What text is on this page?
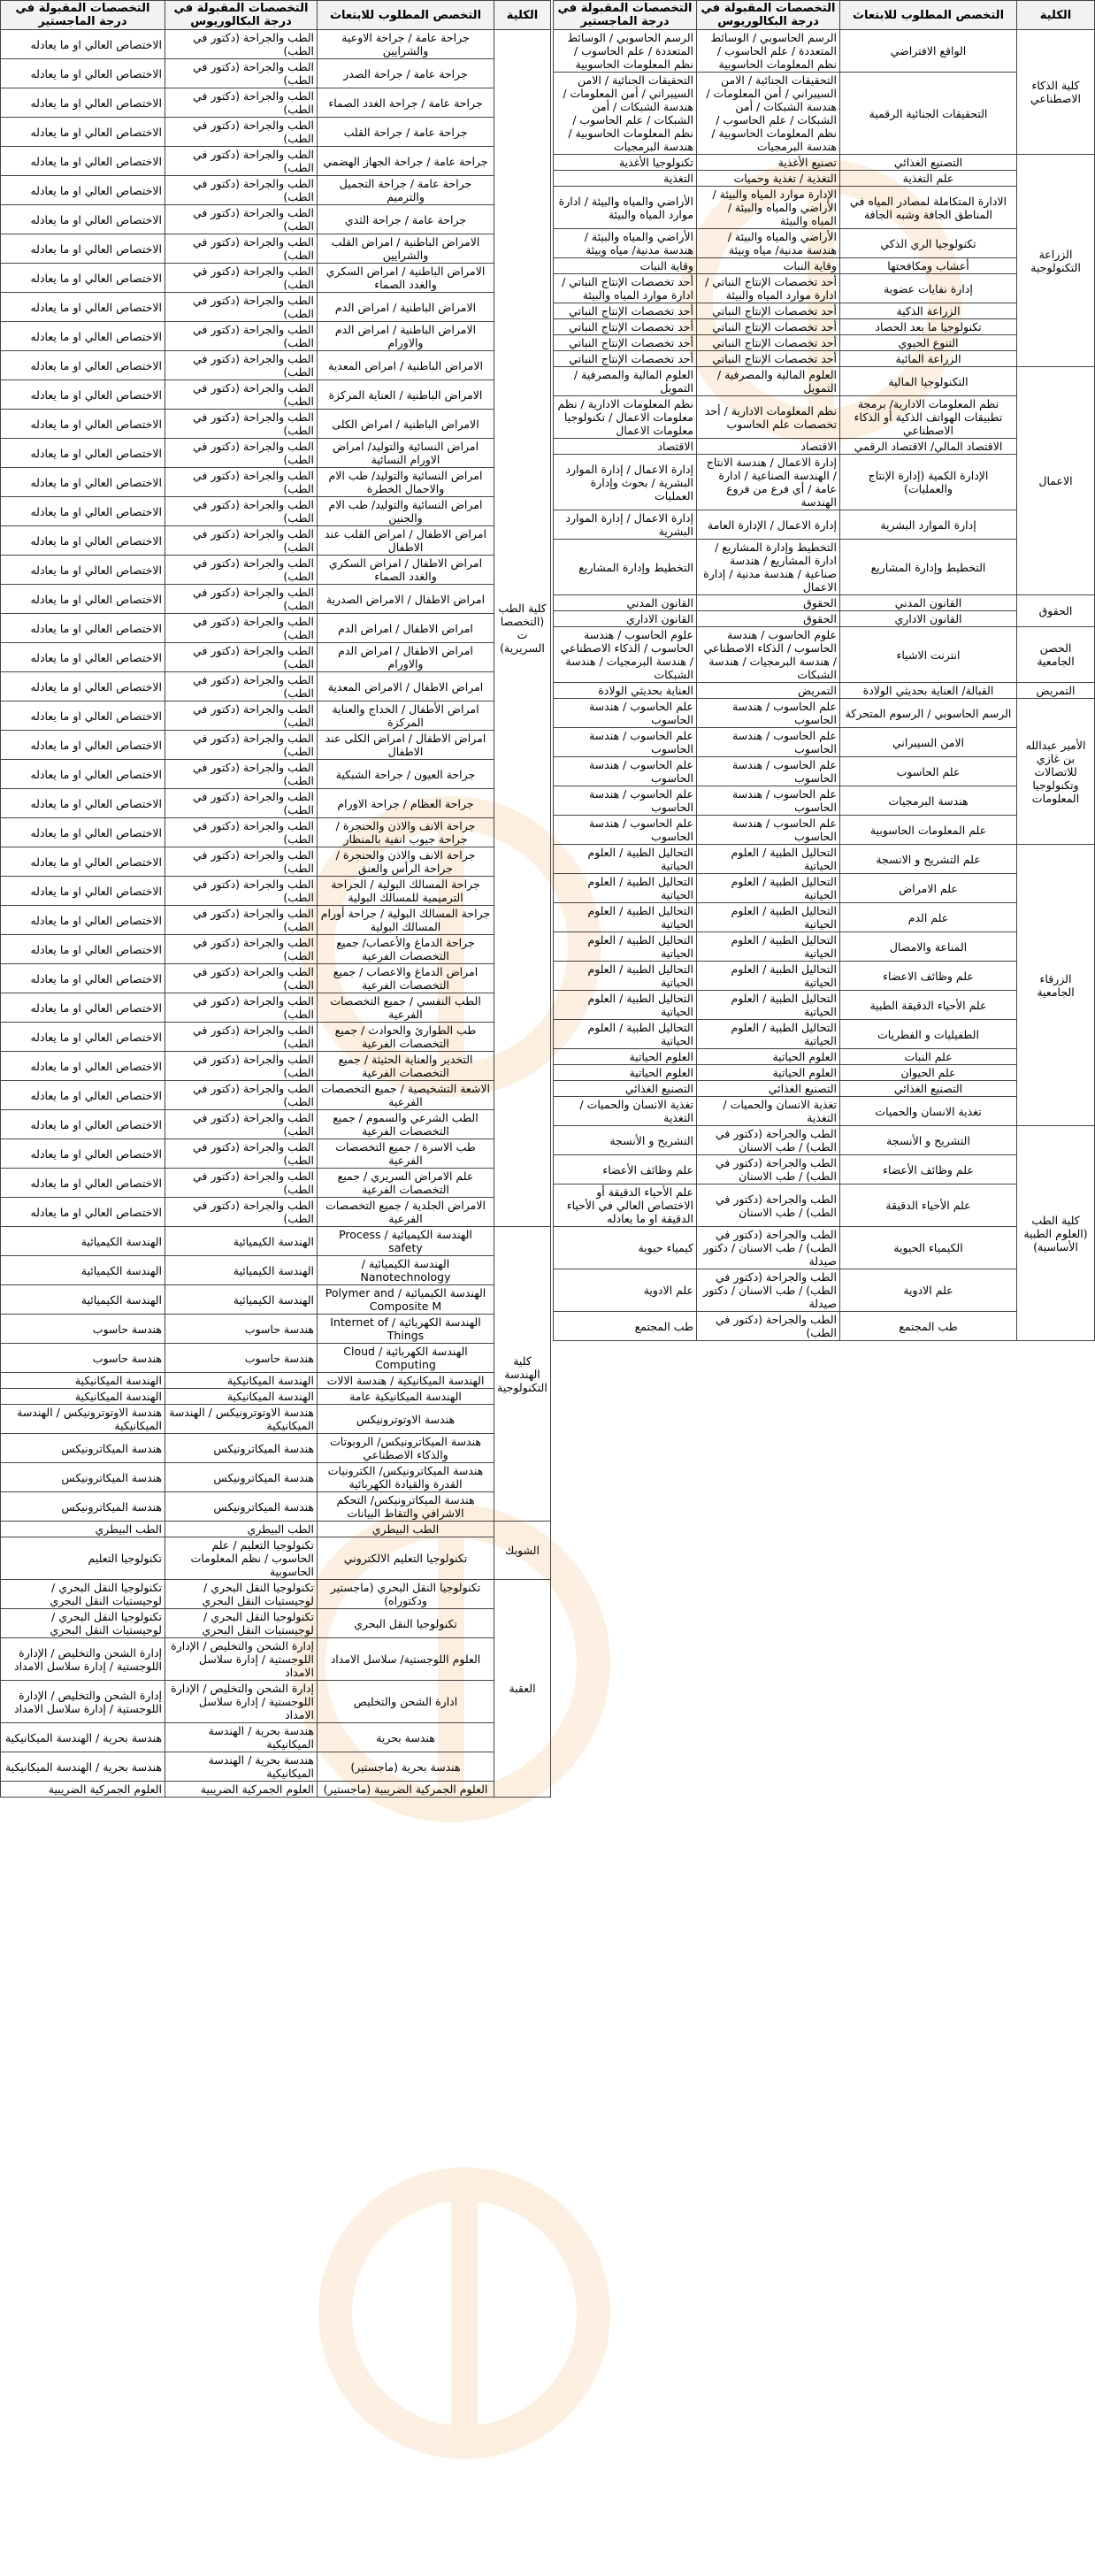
الكلية	التخصص المطلوب للابتعاث	التخصصات المقبولة في درجة البكالوريوس	التخصصات المقبولة في درجة الماجستير
كلية الذكاء الاصطناعي	الواقع الافتراضي	الرسم الحاسوبي / الوسائط المتعددة / علم الحاسوب / نظم المعلومات الحاسوبية	الرسم الحاسوبي / الوسائط المتعددة / علم الحاسوب / نظم المعلومات الحاسوبية
	التحقيقات الجنائية الرقمية	التحقيقات الجنائية / الامن السيبراني / أمن المعلومات / هندسة الشبكات / أمن الشبكات / علم الحاسوب / نظم المعلومات الحاسوبية / هندسة البرمجيات	التحقيقات الجنائية / الامن السيبراني / أمن المعلومات / هندسة الشبكات / أمن الشبكات / علم الحاسوب / نظم المعلومات الحاسوبية / هندسة البرمجيات
الزراعة التكنولوجية	التصنيع الغذائي	تصنيع الأغذية	تكنولوجيا الأغذية
	علم التغذية	التغذية / تغذية وحميات	التغذية
	الادارة المتكاملة لمصادر المياه في المناطق الجافة وشبه الجافة	الإدارة موارد المياه والبيئة / الأراضي والمياه والبيئة / المياه والبيئة	الأراضي والمياه والبيئة / ادارة موارد المياه والبيئة
	تكنولوجيا الري الذكي	الأراضي والمياه والبيئة / هندسة مدنية/ مياه وبيئة	الأراضي والمياه والبيئة / هندسة مدنية/ مياه وبيئة
	أعشاب ومكافحتها	وقاية النبات	وقاية النبات
	إدارة نفايات عضوية	أحد تخصصات الإنتاج النباتي / ادارة موارد المياه والبيئة	أحد تخصصات الإنتاج النباتي / ادارة موارد المياه والبيئة
	الزراعة الذكية	أحد تخصصات الإنتاج النباتي	أحد تخصصات الإنتاج النباتي
	تكنولوجيا ما بعد الحصاد	أحد تخصصات الإنتاج النباتي	أحد تخصصات الإنتاج النباتي
	التنوع الحيوي	أحد تخصصات الإنتاج النباتي	أحد تخصصات الإنتاج النباتي
	الزراعة المائية	أحد تخصصات الإنتاج النباتي	أحد تخصصات الإنتاج النباتي
الاعمال	التكنولوجيا المالية	العلوم المالية والمصرفية / التمويل	العلوم المالية والمصرفية / التمويل
	نظم المعلومات الادارية/ برمجة تطبيقات الهواتف الذكية أو الذكاء الاصطناعي	نظم المعلومات الادارية / أحد تخصصات علم الحاسوب	نظم المعلومات الادارية / نظم معلومات الاعمال / تكنولوجيا معلومات الاعمال
	الاقتصاد المالي/ الاقتصاد الرقمي	الاقتصاد	الاقتصاد
	الإدارة الكمية (إدارة الإنتاج والعمليات)	إدارة الاعمال / هندسة الانتاج / الهندسة الصناعية / ادارة عامة / أي فرع من فروع الهندسة	إدارة الاعمال / إدارة الموارد البشرية / بحوث وإدارة العمليات
	إدارة الموارد البشرية	إدارة الاعمال / الإدارة العامة	إدارة الاعمال / إدارة الموارد البشرية
	التخطيط وإدارة المشاريع	التخطيط وإدارة المشاريع /ادارة المشاريع / هندسة صناعية / هندسة مدنية / إدارة الاعمال	التخطيط وإدارة المشاريع
الحقوق	القانون المدني	الحقوق	القانون المدني
	القانون الاداري	الحقوق	القانون الاداري
الحصن الجامعية	انترنت الاشياء	علوم الحاسوب / هندسة الحاسوب / الذكاء الاصطناعي / هندسة البرمجيات / هندسة الشبكات	علوم الحاسوب / هندسة الحاسوب / الذكاء الاصطناعي / هندسة البرمجيات / هندسة الشبكات
التمريض	القبالة/ العناية بحديثي الولادة	التمريض	العناية بحديثي الولادة
الأمير عبدالله بن غازي للاتصالات وتكنولوجيا المعلومات	الرسم الحاسوبي / الرسوم المتحركة	علم الحاسوب / هندسة الحاسوب	علم الحاسوب / هندسة الحاسوب
	الامن السيبراني	علم الحاسوب / هندسة الحاسوب	علم الحاسوب / هندسة الحاسوب
	علم الحاسوب	علم الحاسوب / هندسة الحاسوب	علم الحاسوب / هندسة الحاسوب
	هندسة البرمجيات	علم الحاسوب / هندسة الحاسوب	علم الحاسوب / هندسة الحاسوب
	علم المعلومات الحاسوبية	علم الحاسوب / هندسة الحاسوب	علم الحاسوب / هندسة الحاسوب
الزرقاء الجامعية	علم التشريح و الانسجة	التحاليل الطبية / العلوم الحياتية	التحاليل الطبية / العلوم الحياتية
	علم الامراض	التحاليل الطبية / العلوم الحياتية	التحاليل الطبية / العلوم الحياتية
	علم الدم	التحاليل الطبية / العلوم الحياتية	التحاليل الطبية / العلوم الحياتية
	المناعة والامصال	التحاليل الطبية / العلوم الحياتية	التحاليل الطبية / العلوم الحياتية
	علم وظائف الاعضاء	التحاليل الطبية / العلوم الحياتية	التحاليل الطبية / العلوم الحياتية
	علم الأحياء الدقيقة الطبية	التحاليل الطبية / العلوم الحياتية	التحاليل الطبية / العلوم الحياتية
	الطفيليات و الفطريات	التحاليل الطبية / العلوم الحياتية	التحاليل الطبية / العلوم الحياتية
	علم النبات	العلوم الحياتية	العلوم الحياتية
	علم الحيوان	العلوم الحياتية	العلوم الحياتية
	التصنيع الغذائي	التصنيع الغذائي	التصنيع الغذائي
	تغذية الانسان والحميات	تغذية الانسان والحميات / التغذية	تغذية الانسان والحميات / التغذية
كلية الطب (العلوم الطبية الأساسية)	التشريح و الأنسجة	الطب والجراحة (دكتور في الطب) / طب الاسنان	التشريح و الأنسجة
	علم وظائف الأعضاء	الطب والجراحة (دكتور في الطب) / طب الاسنان	علم وظائف الأعضاء
	علم الأحياء الدقيقة	الطب والجراحة (دكتور في الطب) / طب الاسنان	علم الأحياء الدقيقة أو الاختصاص العالي في الأحياء الدقيقة او ما يعادله
	الكيمياء الحيوية	الطب والجراحة (دكتور في الطب) / طب الاسنان / دكتور صيدلة	كيمياء حيوية
	علم الادوية	الطب والجراحة (دكتور في الطب) / طب الاسنان / دكتور صيدلة	علم الادوية
	طب المجتمع	الطب والجراحة (دكتور في الطب)	طب المجتمع
الكلية	التخصص المطلوب للابتعاث	التخصصات المقبولة في درجة البكالوريوس	التخصصات المقبولة في درجة الماجستير
كلية الطب (التخصصات السريرية)	جراحة عامة / جراحة الاوعية والشرايين	الطب والجراحة (دكتور في الطب)	الاختصاص العالي او ما يعادله
	جراحة عامة / جراحة الصدر	الطب والجراحة (دكتور في الطب)	الاختصاص العالي او ما يعادله
	جراحة عامة / جراحة الغدد الصماء	الطب والجراحة (دكتور في الطب)	الاختصاص العالي او ما يعادله
	جراحة عامة / جراحة القلب	الطب والجراحة (دكتور في الطب)	الاختصاص العالي او ما يعادله
	جراحة عامة / جراحة الجهاز الهضمي	الطب والجراحة (دكتور في الطب)	الاختصاص العالي او ما يعادله
	جراحة عامة / جراحة التجميل والترميم	الطب والجراحة (دكتور في الطب)	الاختصاص العالي او ما يعادله
	جراحة عامة / جراحة الثدي	الطب والجراحة (دكتور في الطب)	الاختصاص العالي او ما يعادله
	الامراض الباطنية / امراض القلب والشرايين	الطب والجراحة (دكتور في الطب)	الاختصاص العالي او ما يعادله
	الامراض الباطنية / امراض السكري والغدد الصماء	الطب والجراحة (دكتور في الطب)	الاختصاص العالي او ما يعادله
	الامراض الباطنية / امراض الدم	الطب والجراحة (دكتور في الطب)	الاختصاص العالي او ما يعادله
	الامراض الباطنية / امراض الدم والاورام	الطب والجراحة (دكتور في الطب)	الاختصاص العالي او ما يعادله
	الامراض الباطنية / امراض المعدية	الطب والجراحة (دكتور في الطب)	الاختصاص العالي او ما يعادله
	الامراض الباطنية / العناية المركزة	الطب والجراحة (دكتور في الطب)	الاختصاص العالي او ما يعادله
	الامراض الباطنية / امراض الكلى	الطب والجراحة (دكتور في الطب)	الاختصاص العالي او ما يعادله
	امراض النسائية والتوليد/ امراض الاورام النسائية	الطب والجراحة (دكتور في الطب)	الاختصاص العالي او ما يعادله
	امراض النسائية والتوليد/ طب الام والاحمال الخطرة	الطب والجراحة (دكتور في الطب)	الاختصاص العالي او ما يعادله
	امراض النسائية والتوليد/ طب الام والجنين	الطب والجراحة (دكتور في الطب)	الاختصاص العالي او ما يعادله
	امراض الاطفال / امراض القلب عند الاطفال	الطب والجراحة (دكتور في الطب)	الاختصاص العالي او ما يعادله
	امراض الاطفال / امراض السكري والغدد الصماء	الطب والجراحة (دكتور في الطب)	الاختصاص العالي او ما يعادله
	امراض الاطفال / الامراض الصدرية	الطب والجراحة (دكتور في الطب)	الاختصاص العالي او ما يعادله
	امراض الاطفال / امراض الدم	الطب والجراحة (دكتور في الطب)	الاختصاص العالي او ما يعادله
	امراض الاطفال / امراض الدم والاورام	الطب والجراحة (دكتور في الطب)	الاختصاص العالي او ما يعادله
	امراض الاطفال / الامراض المعدية	الطب والجراحة (دكتور في الطب)	الاختصاص العالي او ما يعادله
	امراض الأطفال / الخداج والعناية المركزة	الطب والجراحة (دكتور في الطب)	الاختصاص العالي او ما يعادله
	امراض الاطفال / امراض الكلى عند الاطفال	الطب والجراحة (دكتور في الطب)	الاختصاص العالي او ما يعادله
	جراحة العيون / جراحة الشبكية	الطب والجراحة (دكتور في الطب)	الاختصاص العالي او ما يعادله
	جراحة العظام / جراحة الاورام	الطب والجراحة (دكتور في الطب)	الاختصاص العالي او ما يعادله
	جراحة الانف والاذن والحنجرة / جراحة جيوب انفية بالمنظار	الطب والجراحة (دكتور في الطب)	الاختصاص العالي او ما يعادله
	جراحة الانف والاذن والحنجرة / جراحة الرأس والعنق	الطب والجراحة (دكتور في الطب)	الاختصاص العالي او ما يعادله
	جراحة المسالك البولية / الجراحة الترميمية للمسالك البولية	الطب والجراحة (دكتور في الطب)	الاختصاص العالي او ما يعادله
	جراحة المسالك البولية / جراحة أورام المسالك البولية	الطب والجراحة (دكتور في الطب)	الاختصاص العالي او ما يعادله
	جراحة الدماغ والأعصاب/ جميع التخصصات الفرعية	الطب والجراحة (دكتور في الطب)	الاختصاص العالي او ما يعادله
	امراض الدماغ والاعصاب / جميع التخصصات الفرعية	الطب والجراحة (دكتور في الطب)	الاختصاص العالي او ما يعادله
	الطب النفسي / جميع التخصصات الفرعية	الطب والجراحة (دكتور في الطب)	الاختصاص العالي او ما يعادله
	طب الطوارئ والحوادث / جميع التخصصات الفرعية	الطب والجراحة (دكتور في الطب)	الاختصاص العالي او ما يعادله
	التخدير والعناية الحثيثة / جميع التخصصات الفرعية	الطب والجراحة (دكتور في الطب)	الاختصاص العالي او ما يعادله
	الاشعة التشخيصية / جميع التخصصات الفرعية	الطب والجراحة (دكتور في الطب)	الاختصاص العالي او ما يعادله
	الطب الشرعي والسموم / جميع التخصصات الفرعية	الطب والجراحة (دكتور في الطب)	الاختصاص العالي او ما يعادله
	طب الاسرة / جميع التخصصات الفرعية	الطب والجراحة (دكتور في الطب)	الاختصاص العالي او ما يعادله
	علم الامراض السريري / جميع التخصصات الفرعية	الطب والجراحة (دكتور في الطب)	الاختصاص العالي او ما يعادله
	الامراض الجلدية / جميع التخصصات الفرعية	الطب والجراحة (دكتور في الطب)	الاختصاص العالي او ما يعادله
كلية الهندسة التكنولوجية	الهندسة الكيميائية / Process safety	الهندسة الكيميائية	الهندسة الكيميائية
	الهندسة الكيميائية / Nanotechnology	الهندسة الكيميائية	الهندسة الكيميائية
	الهندسة الكيميائية / Polymer and Composite M	الهندسة الكيميائية	الهندسة الكيميائية
	الهندسة الكهربائية / Internet of Things	هندسة حاسوب	هندسة حاسوب
	الهندسة الكهربائية / Cloud Computing	هندسة حاسوب	هندسة حاسوب
	الهندسة الميكانيكية / هندسة الالات	الهندسة الميكانيكية	الهندسة الميكانيكية
	الهندسة الميكانيكية عامة	الهندسة الميكانيكية	الهندسة الميكانيكية
	هندسة الاوتوترونيكس	هندسة الاوتوترونيكس / الهندسة الميكانيكية	هندسة الاوتوترونيكس / الهندسة الميكانيكية
	هندسة الميكاترونيكس/ الروبوتات والذكاء الاصطناعي	هندسة الميكاترونيكس	هندسة الميكاترونيكس
	هندسة الميكاترونيكس/ الكترونيات القدرة والقيادة الكهربائية	هندسة الميكاترونيكس	هندسة الميكاترونيكس
	هندسة الميكاترونيكس/ التحكم الاشرافي والتقاط البيانات	هندسة الميكاترونيكس	هندسة الميكاترونيكس
الشوبك	الطب البيطري	الطب البيطري	الطب البيطري
	تكنولوجيا التعليم الالكتروني	تكنولوجيا التعليم / علم الحاسوب / نظم المعلومات الحاسوبية	تكنولوجيا التعليم
العقبة	تكنولوجيا النقل البحري (ماجستير ودكتوراه)	تكنولوجيا النقل البحري / لوجيستيات النقل البحري	تكنولوجيا النقل البحري / لوجيستيات النقل البحري
	تكنولوجيا النقل البحري	تكنولوجيا النقل البحري / لوجيستيات النقل البحري	تكنولوجيا النقل البحري / لوجيستيات النقل البحري
	العلوم اللوجستية/ سلاسل الامداد	إدارة الشحن والتخليص / الإدارة اللوجستية / إدارة سلاسل الامداد	إدارة الشحن والتخليص / الإدارة اللوجستية / إدارة سلاسل الامداد
	ادارة الشحن والتخليص	إدارة الشحن والتخليص / الإدارة اللوجستية / إدارة سلاسل الامداد	إدارة الشحن والتخليص / الإدارة اللوجستية / إدارة سلاسل الامداد
	هندسة بحرية	هندسة بحرية / الهندسة الميكانيكية	هندسة بحرية / الهندسة الميكانيكية
	هندسة بحرية (ماجستير)	هندسة بحرية / الهندسة الميكانيكية	هندسة بحرية / الهندسة الميكانيكية
	العلوم الجمركية الضريبية (ماجستير)	العلوم الجمركية الضريبية	العلوم الجمركية الضريبية
